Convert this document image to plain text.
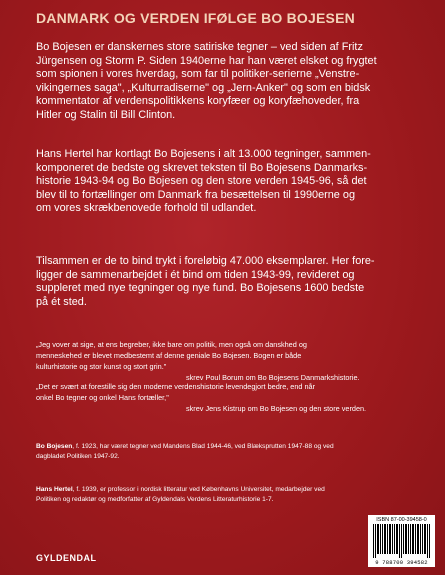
DANMARK OG VERDEN IFØLGE BO BOJESEN
Bo Bojesen er danskernes store satiriske tegner – ved siden af Fritz
Jürgensen og Storm P. Siden 1940erne har han været elsket og frygtet
som spionen i vores hverdag, som far til politiker-serierne „Venstre-
vikingernes saga", „Kulturradiserne" og „Jern-Anker" og som en bidsk
kommentator af verdenspolitikkens koryfæer og koryfæhoveder, fra
Hitler og Stalin til Bill Clinton.
Hans Hertel har kortlagt Bo Bojesens i alt 13.000 tegninger, sammen-
komponeret de bedste og skrevet teksten til Bo Bojesens Danmarks-
historie 1943-94 og Bo Bojesen og den store verden 1945-96, så det
blev til to fortællinger om Danmark fra besættelsen til 1990erne og
om vores skrækbenovede forhold til udlandet.
Tilsammen er de to bind trykt i foreløbig 47.000 eksemplarer. Her fore-
ligger de sammenarbejdet i ét bind om tiden 1943-99, revideret og
suppleret med nye tegninger og nye fund. Bo Bojesens 1600 bedste
på ét sted.
„Jeg vover at sige, at ens begreber, ikke bare om politik, men også om danskhed og
menneskehed er blevet medbestemt af denne geniale Bo Bojesen. Bogen er både
kulturhistorie og stor kunst og stort grin."
skrev Poul Borum om Bo Bojesens Danmarkshistorie.
„Det er svært at forestille sig den moderne verdenshistorie levendegjort bedre, end når
onkel Bo tegner og onkel Hans fortæller,"
skrev Jens Kistrup om Bo Bojesen og den store verden.
Bo Bojesen, f. 1923, har været tegner ved Mandens Blad 1944-46, ved Blæksprutten 1947-88 og ved
dagbladet Politiken 1947-92.
Hans Hertel, f. 1939, er professor i nordisk litteratur ved Københavns Universitet, medarbejder ved
Politiken og redaktør og medforfatter af Gyldendals Verdens Litteraturhistorie 1-7.
GYLDENDAL
ISBN 87-00-39458-0
9 788700 394582
